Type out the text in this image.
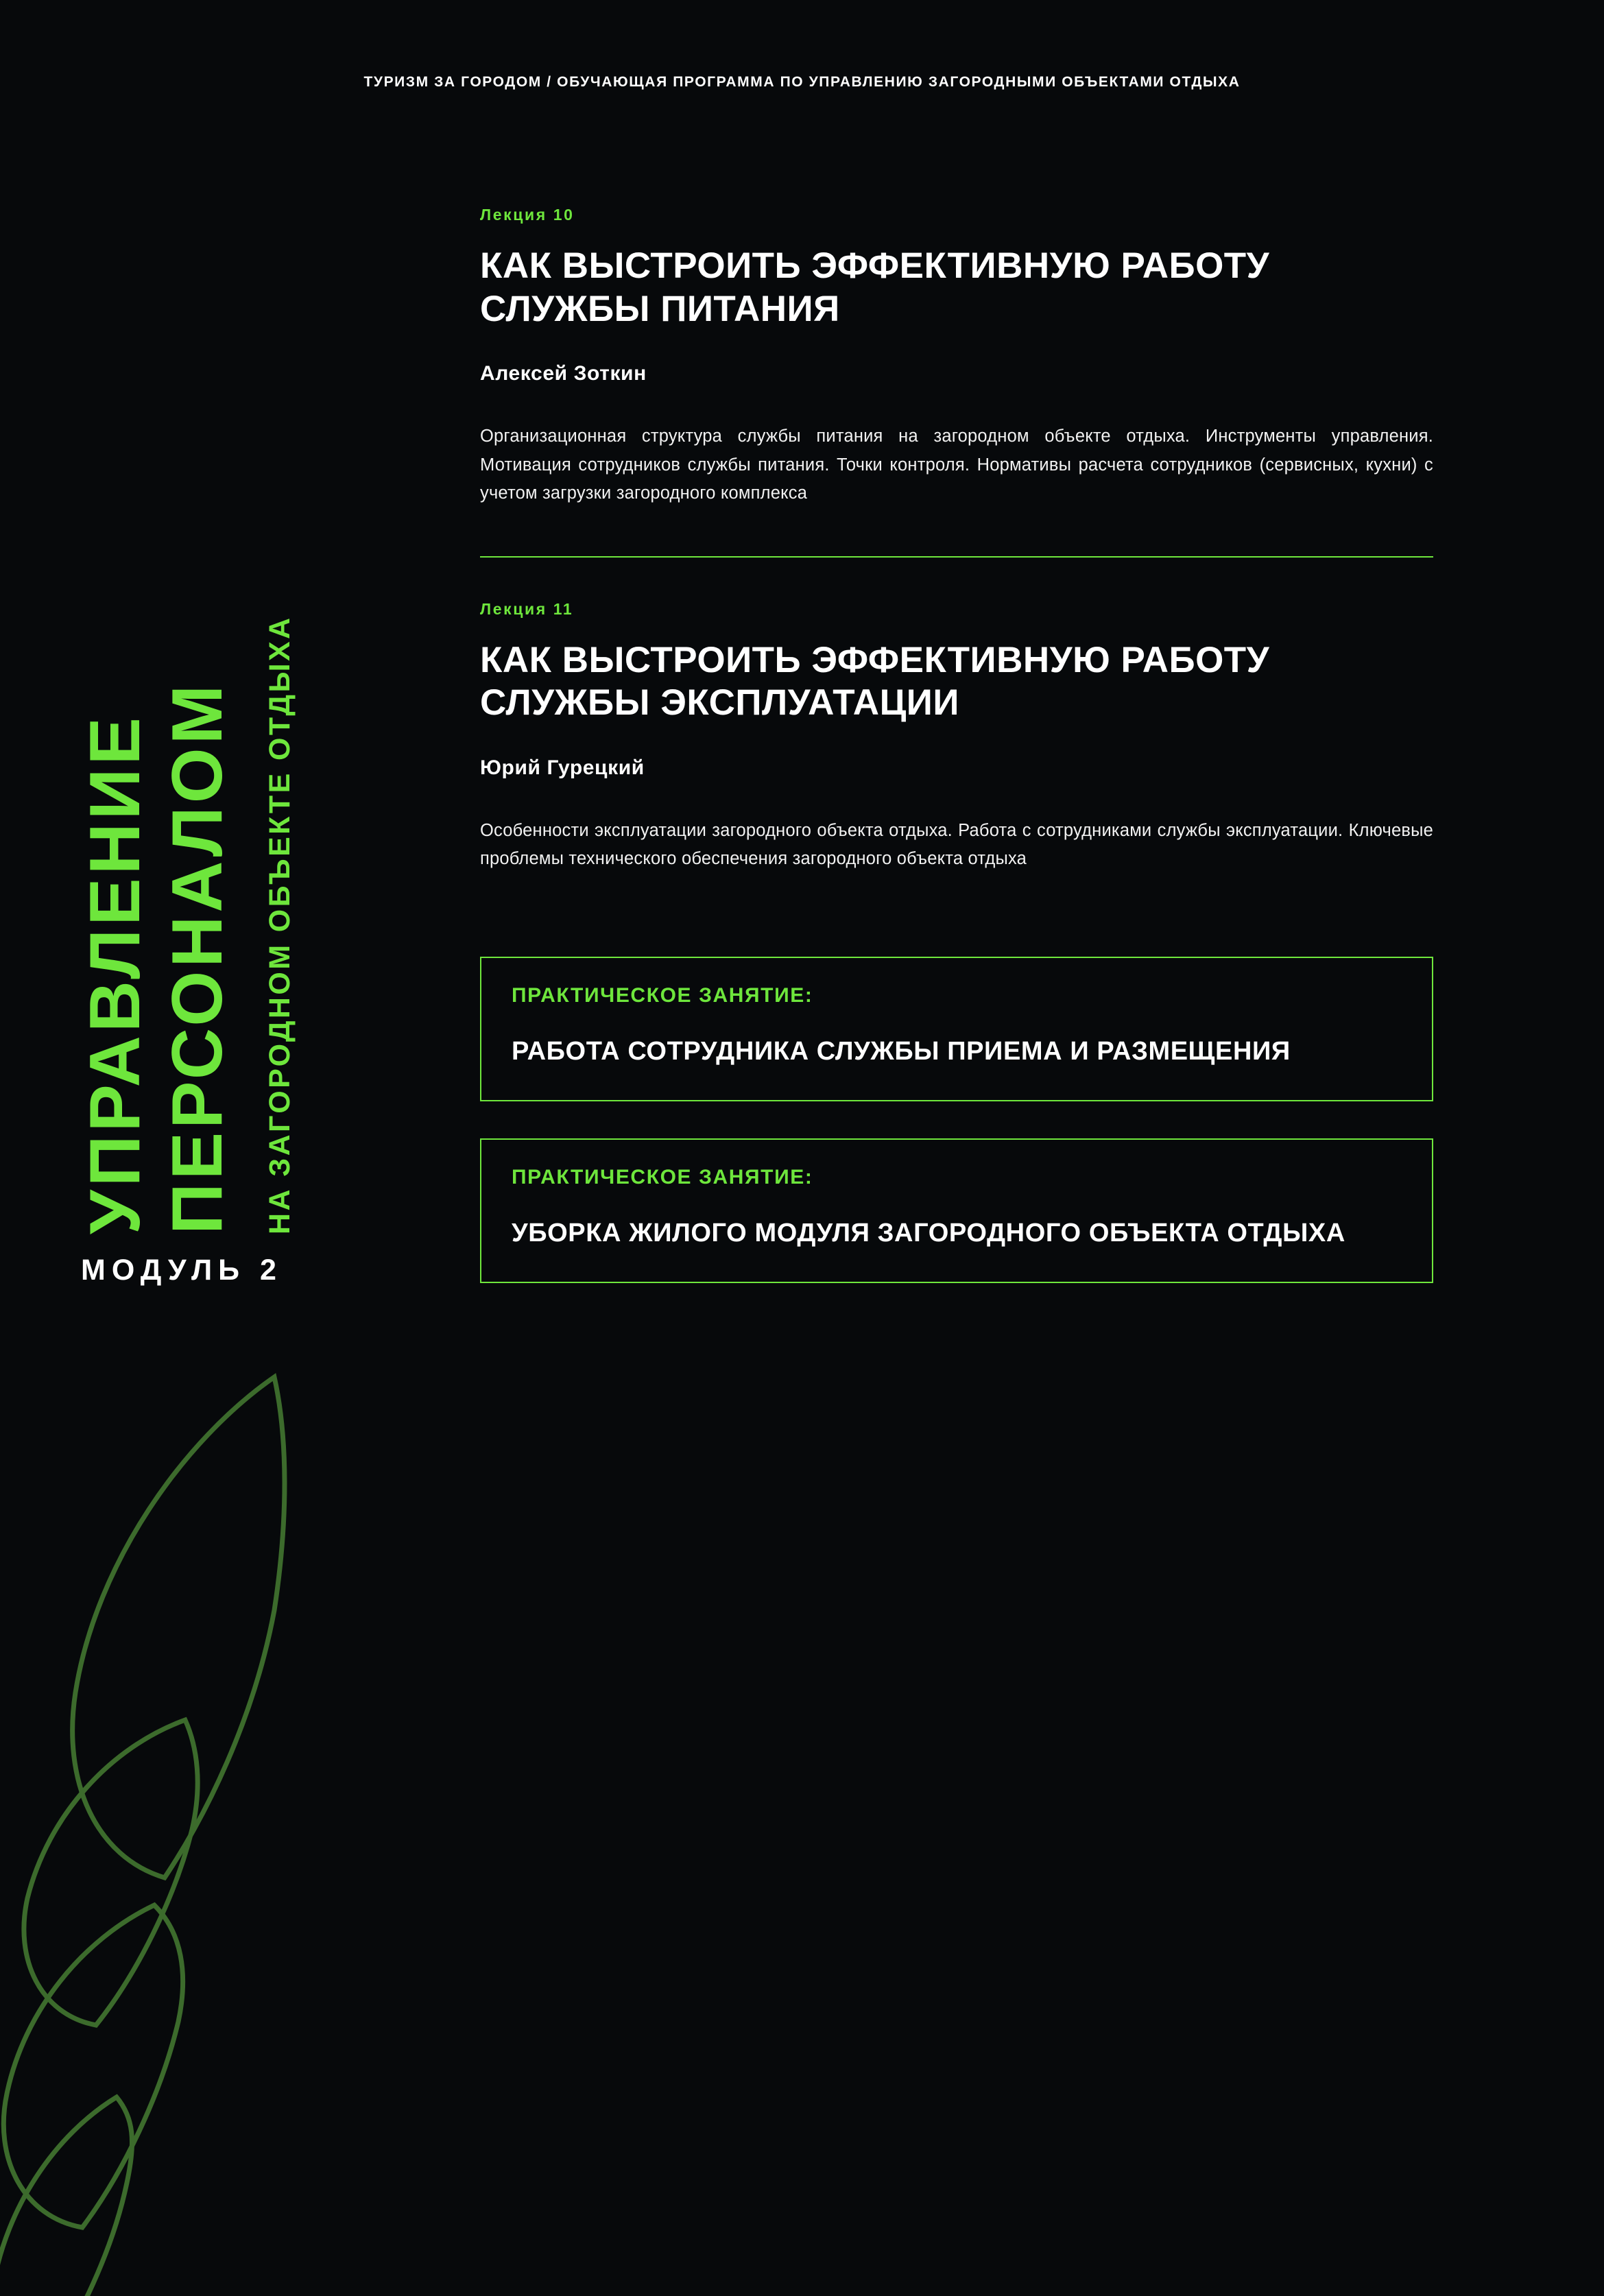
ТУРИЗМ ЗА ГОРОДОМ / ОБУЧАЮЩАЯ ПРОГРАММА ПО УПРАВЛЕНИЮ ЗАГОРОДНЫМИ ОБЪЕКТАМИ ОТДЫХА
УПРАВЛЕНИЕ ПЕРСОНАЛОМ НА ЗАГОРОДНОМ ОБЪЕКТЕ ОТДЫХА
МОДУЛЬ 2
Лекция 10
КАК ВЫСТРОИТЬ ЭФФЕКТИВНУЮ РАБОТУ СЛУЖБЫ ПИТАНИЯ
Алексей Зоткин

Организационная структура службы питания на загородном объекте отдыха. Инструменты управления. Мотивация сотрудников службы питания. Точки контроля. Нормативы расчета сотрудников (сервисных, кухни) с учетом загрузки загородного комплекса

Лекция 11
КАК ВЫСТРОИТЬ ЭФФЕКТИВНУЮ РАБОТУ СЛУЖБЫ ЭКСПЛУАТАЦИИ
Юрий Гурецкий

Особенности эксплуатации загородного объекта отдыха. Работа с сотрудниками службы эксплуатации. Ключевые проблемы технического обеспечения загородного объекта отдыха

ПРАКТИЧЕСКОЕ ЗАНЯТИЕ:
РАБОТА СОТРУДНИКА СЛУЖБЫ ПРИЕМА И РАЗМЕЩЕНИЯ
ПРАКТИЧЕСКОЕ ЗАНЯТИЕ:
УБОРКА ЖИЛОГО МОДУЛЯ ЗАГОРОДНОГО ОБЪЕКТА ОТДЫХА
